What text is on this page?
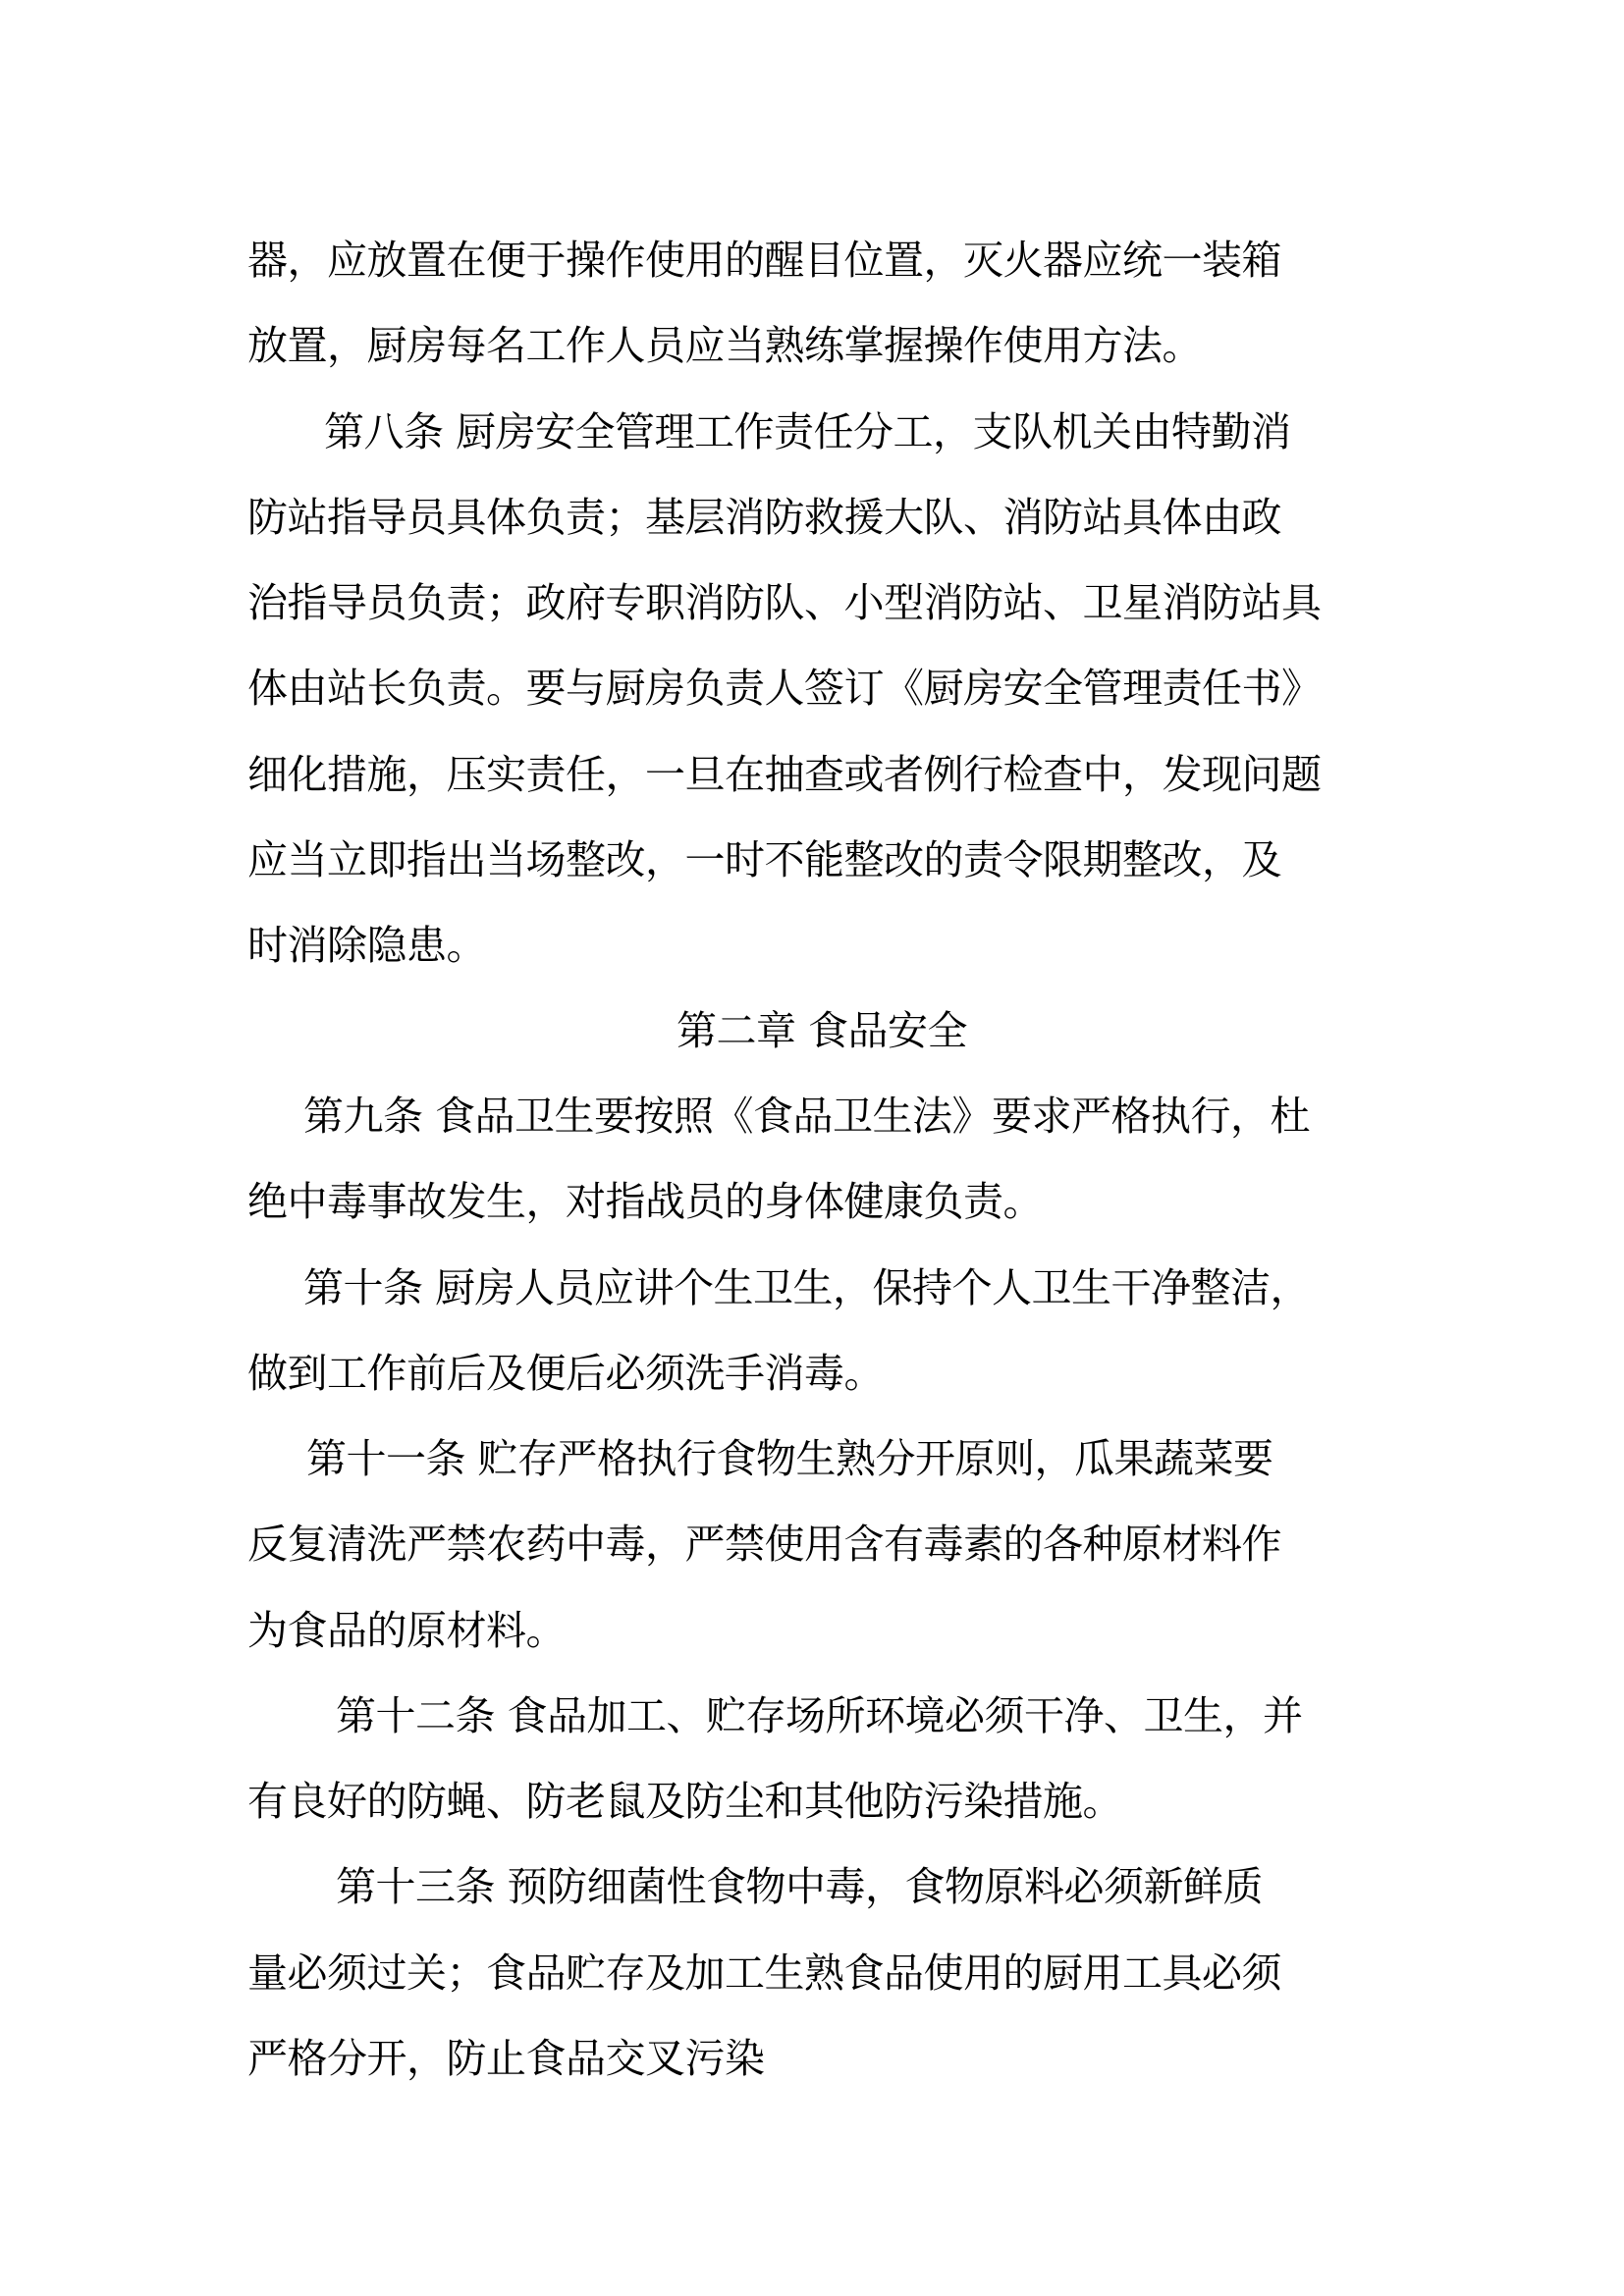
器，应放置在便于操作使用的醒目位置，灭火器应统一装箱
放置，厨房每名工作人员应当熟练掌握操作使用方法。
第八条 厨房安全管理工作责任分工，支队机关由特勤消
防站指导员具体负责；基层消防救援大队、消防站具体由政
治指导员负责；政府专职消防队、小型消防站、卫星消防站具
体由站长负责。要与厨房负责人签订《厨房安全管理责任书》
细化措施，压实责任，一旦在抽查或者例行检查中，发现问题
应当立即指出当场整改，一时不能整改的责令限期整改，及
时消除隐患。
第二章 食品安全
第九条 食品卫生要按照《食品卫生法》要求严格执行，杜
绝中毒事故发生，对指战员的身体健康负责。
第十条 厨房人员应讲个生卫生，保持个人卫生干净整洁，
做到工作前后及便后必须洗手消毒。
第十一条 贮存严格执行食物生熟分开原则，瓜果蔬菜要
反复清洗严禁农药中毒，严禁使用含有毒素的各种原材料作
为食品的原材料。
第十二条 食品加工、贮存场所环境必须干净、卫生，并
有良好的防蝇、防老鼠及防尘和其他防污染措施。
第十三条 预防细菌性食物中毒，食物原料必须新鲜质
量必须过关；食品贮存及加工生熟食品使用的厨用工具必须
严格分开，防止食品交叉污染
